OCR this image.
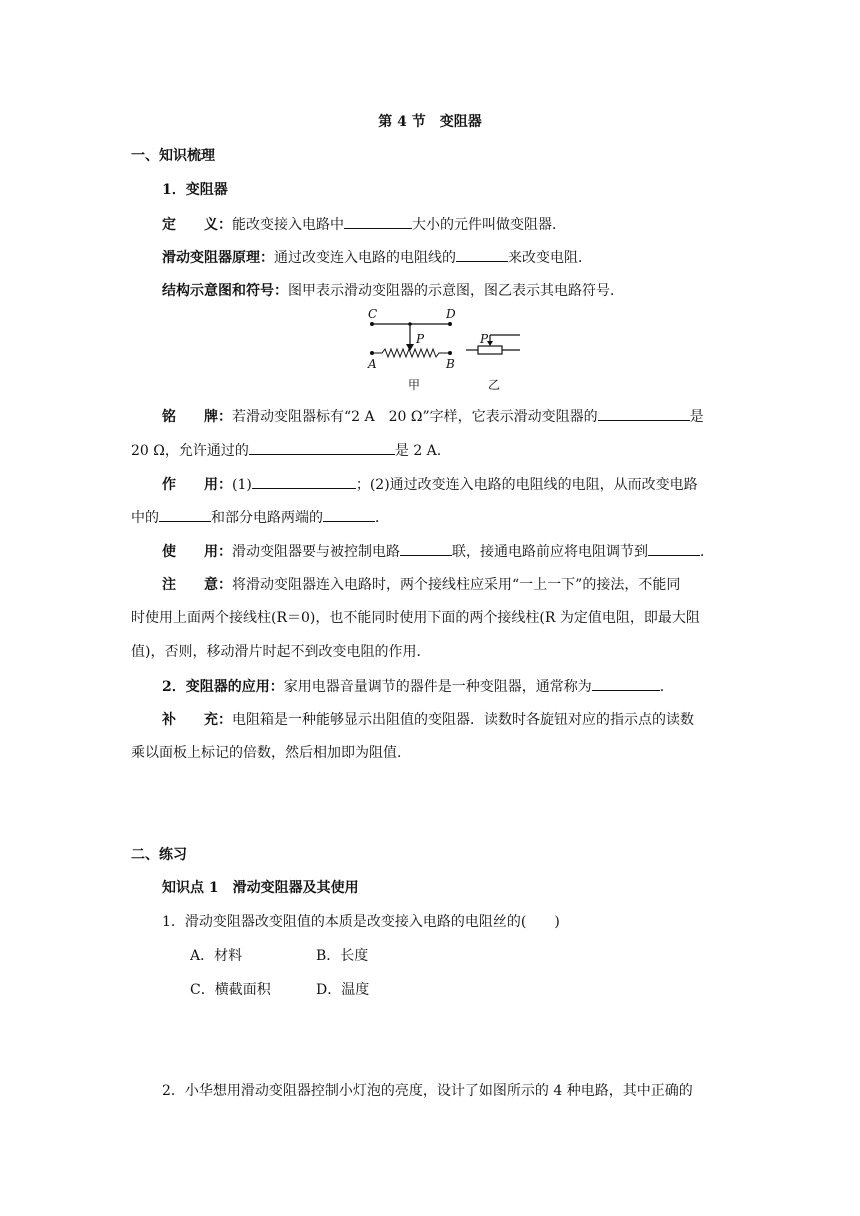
第 4 节　变阻器
一、知识梳理
1．变阻器
定　　义：能改变接入电路中	大小的元件叫做变阻器．
滑动变阻器原理：通过改变连入电路的电阻线的	来改变电阻．
结构示意图和符号：图甲表示滑动变阻器的示意图，图乙表示其电路符号．
C	D
P
A	B
P
甲	乙
铭　　牌：若滑动变阻器标有“2 A　20 Ω”字样，它表示滑动变阻器的	是
20 Ω，允许通过的	是 2 A.
作　　用：(1)	；(2)通过改变连入电路的电阻线的电阻，从而改变电路
中的	和部分电路两端的	．
使　　用：滑动变阻器要与被控制电路	联，接通电路前应将电阻调节到	．
注　　意：将滑动变阻器连入电路时，两个接线柱应采用“一上一下”的接法，不能同
时使用上面两个接线柱(R＝0)，也不能同时使用下面的两个接线柱(R 为定值电阻，即最大阻
值)，否则，移动滑片时起不到改变电阻的作用．
2．变阻器的应用：家用电器音量调节的器件是一种变阻器，通常称为	．
补　　充：电阻箱是一种能够显示出阻值的变阻器．读数时各旋钮对应的指示点的读数
乘以面板上标记的倍数，然后相加即为阻值．
二、练习
知识点 1　滑动变阻器及其使用
1．滑动变阻器改变阻值的本质是改变接入电路的电阻丝的(　　)
A．材料	B．长度
C．横截面积	D．温度
2．小华想用滑动变阻器控制小灯泡的亮度，设计了如图所示的 4 种电路，其中正确的
